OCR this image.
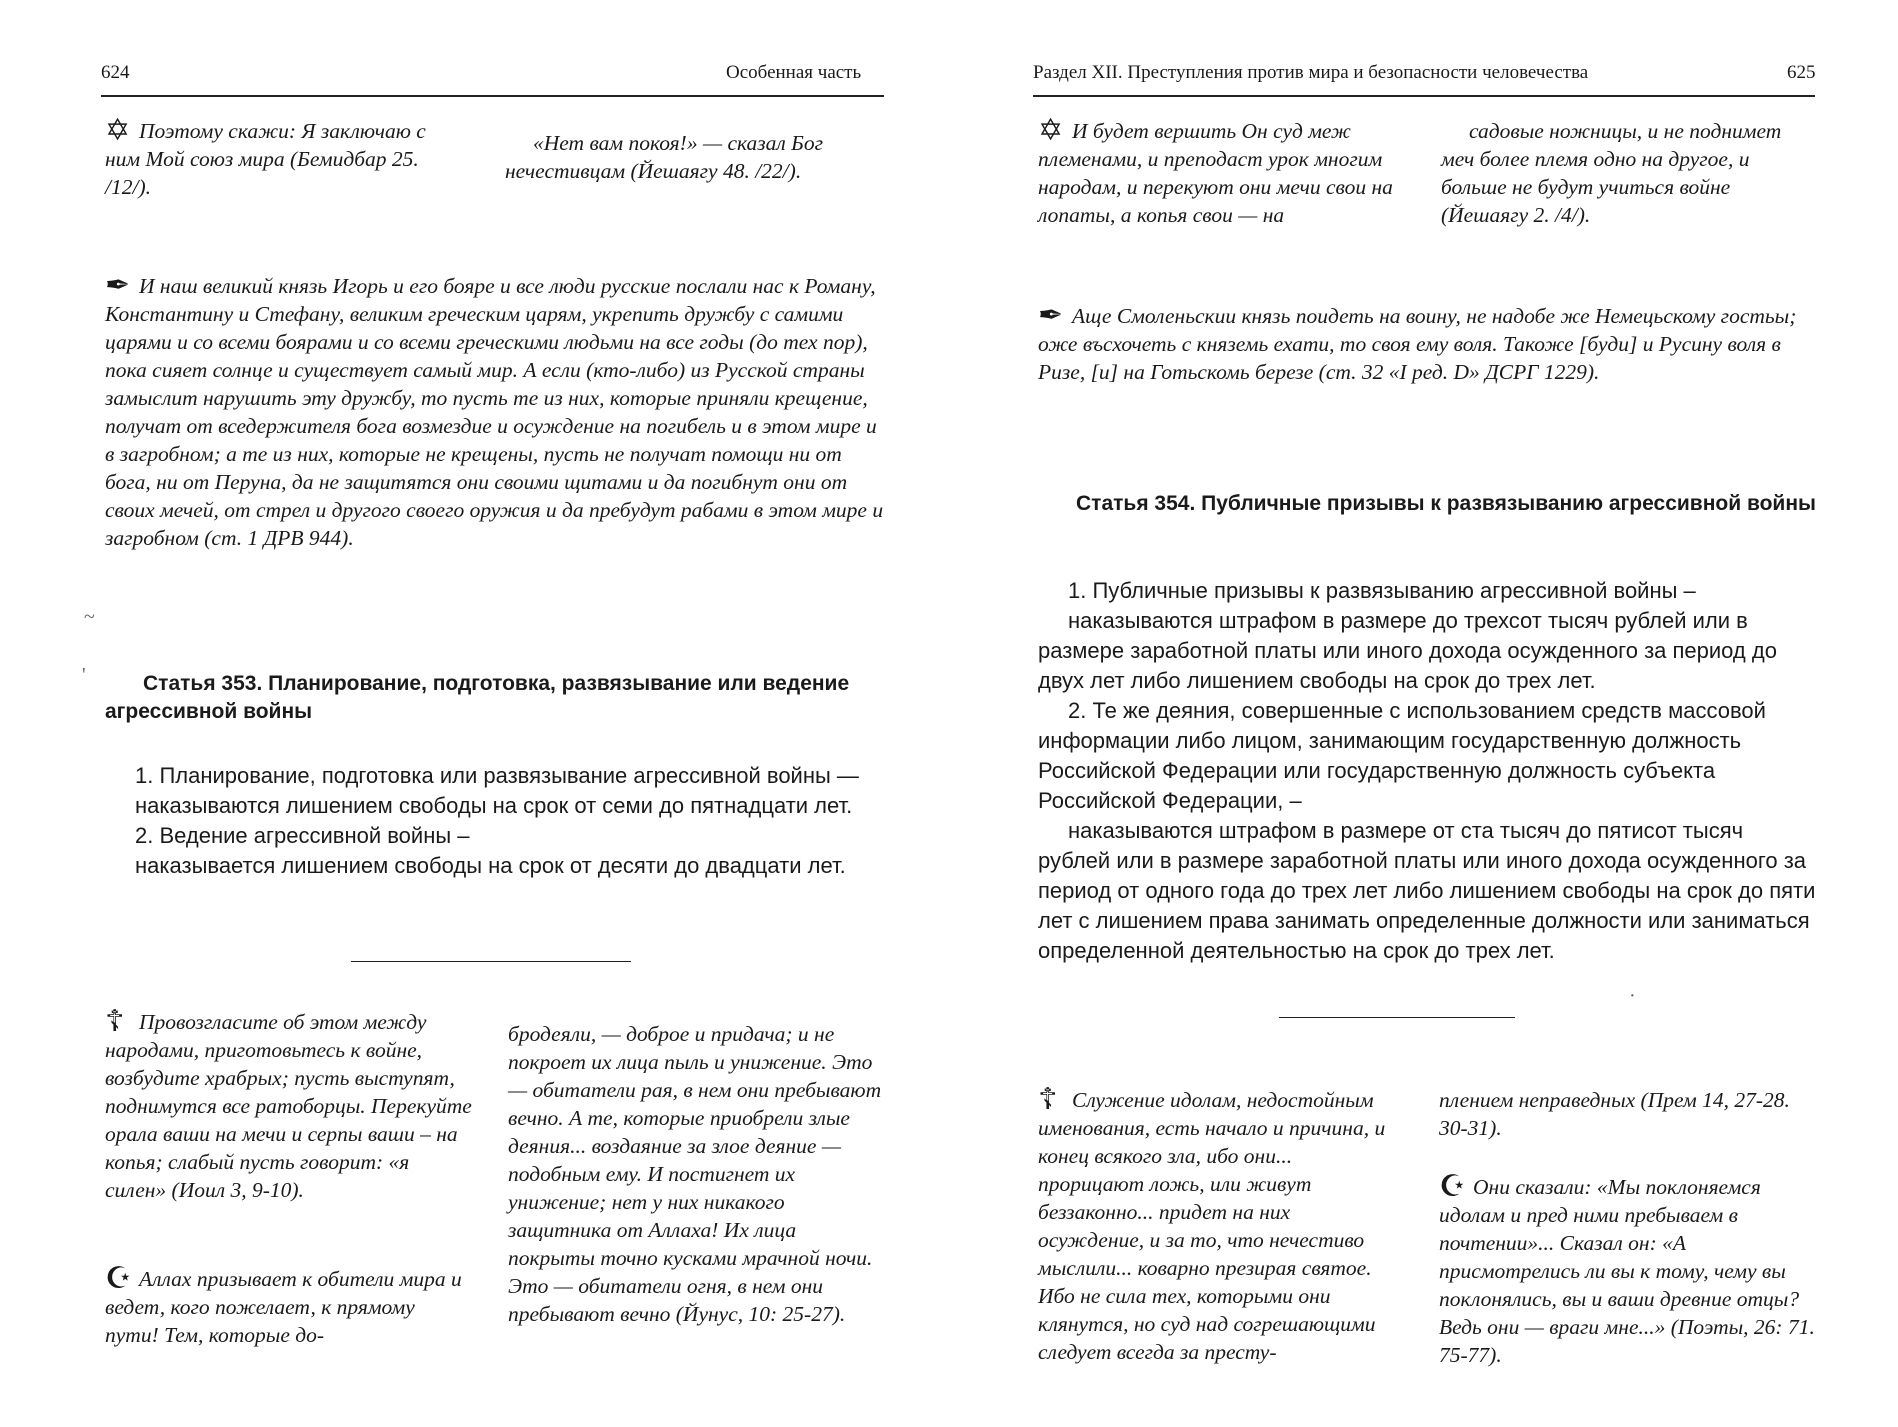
624	Особенная часть
✡ Поэтому скажи: Я заключаю с ним Мой союз мира (Бемидбар 25. /12/).
«Нет вам покоя!» — сказал Бог нечестивцам (Йешаягу 48. /22/).
✒ И наш великий князь Игорь и его бояре и все люди русские послали нас к Роману, Константину и Стефану, великим греческим царям, укрепить дружбу с самими царями и со всеми боярами и со всеми греческими людьми на все годы (до тех пор), пока сияет солнце и существует самый мир. А если (кто-либо) из Русской страны замыслит нарушить эту дружбу, то пусть те из них, которые приняли крещение, получат от вседержителя бога возмездие и осуждение на погибель и в этом мире и в загробном; а те из них, которые не крещены, пусть не получат помощи ни от бога, ни от Перуна, да не защитятся они своими щитами и да погибнут они от своих мечей, от стрел и другого своего оружия и да пребудут рабами в этом мире и загробном (ст. 1 ДРВ 944).
~
'	Статья 353. Планирование, подготовка, развязывание или ведение агрессивной войны

1. Планирование, подготовка или развязывание агрессивной войны —

наказываются лишением свободы на срок от семи до пятнадцати лет.

2. Ведение агрессивной войны –

наказывается лишением свободы на срок от десяти до двадцати лет.

☦ Провозгласите об этом между народами, приготовьтесь к войне, возбудите храбрых; пусть выступят, поднимутся все ратоборцы. Перекуйте орала ваши на мечи и серпы ваши – на копья; слабый пусть говорит: «я силен» (Иоил 3, 9-10).
☪ Аллах призывает к обители мира и ведет, кого пожелает, к прямому пути! Тем, которые до-
бродеяли, — доброе и придача; и не покроет их лица пыль и унижение. Это — обитатели рая, в нем они пребывают вечно. А те, которые приобрели злые деяния... воздаяние за злое деяние — подобным ему. И постигнет их унижение; нет у них никакого защитника от Аллаха! Их лица покрыты точно кусками мрачной ночи. Это — обитатели огня, в нем они пребывают вечно (Йунус, 10: 25-27).
Раздел XII. Преступления против мира и безопасности человечества	625
✡ И будет вершить Он суд меж племенами, и преподаст урок многим народам, и перекуют они мечи свои на лопаты, а копья свои — на
садовые ножницы, и не поднимет меч более племя одно на другое, и больше не будут учиться войне (Йешаягу 2. /4/).
✒ Аще Смоленьскии князь поидеть на воину, не надобе же Немецьскому гостьы; оже въсхочеть с княземь ехати, то своя ему воля. Такоже [буди] и Русину воля в Ризе, [и] на Готьскомь березе (ст. 32 «I ред. D» ДСРГ 1229).
Статья 354. Публичные призывы к развязыванию агрессивной войны

1. Публичные призывы к развязыванию агрессивной войны –

наказываются штрафом в размере до трехсот тысяч рублей или в размере заработной платы или иного дохода осужденного за период до двух лет либо лишением свободы на срок до трех лет.

2. Те же деяния, совершенные с использованием средств массовой информации либо лицом, занимающим государственную должность Российской Федерации или государственную должность субъекта Российской Федерации, –

наказываются штрафом в размере от ста тысяч до пятисот тысяч рублей или в размере заработной платы или иного дохода осужденного за период от одного года до трех лет либо лишением свободы на срок до пяти лет с лишением права занимать определенные должности или заниматься определенной деятельностью на срок до трех лет.

·
☦ Служение идолам, недостойным именования, есть начало и причина, и конец всякого зла, ибо они... прорицают ложь, или живут беззаконно... придет на них осуждение, и за то, что нечестиво мыслили... коварно презирая святое. Ибо не сила тех, которыми они клянутся, но суд над согрешающими следует всегда за престу-
плением неправедных (Прем 14, 27-28. 30-31).
☪ Они сказали: «Мы поклоняемся идолам и пред ними пребываем в почтении»... Сказал он: «А присмотрелись ли вы к тому, чему вы поклонялись, вы и ваши древние отцы? Ведь они — враги мне...» (Поэты, 26: 71. 75-77).
